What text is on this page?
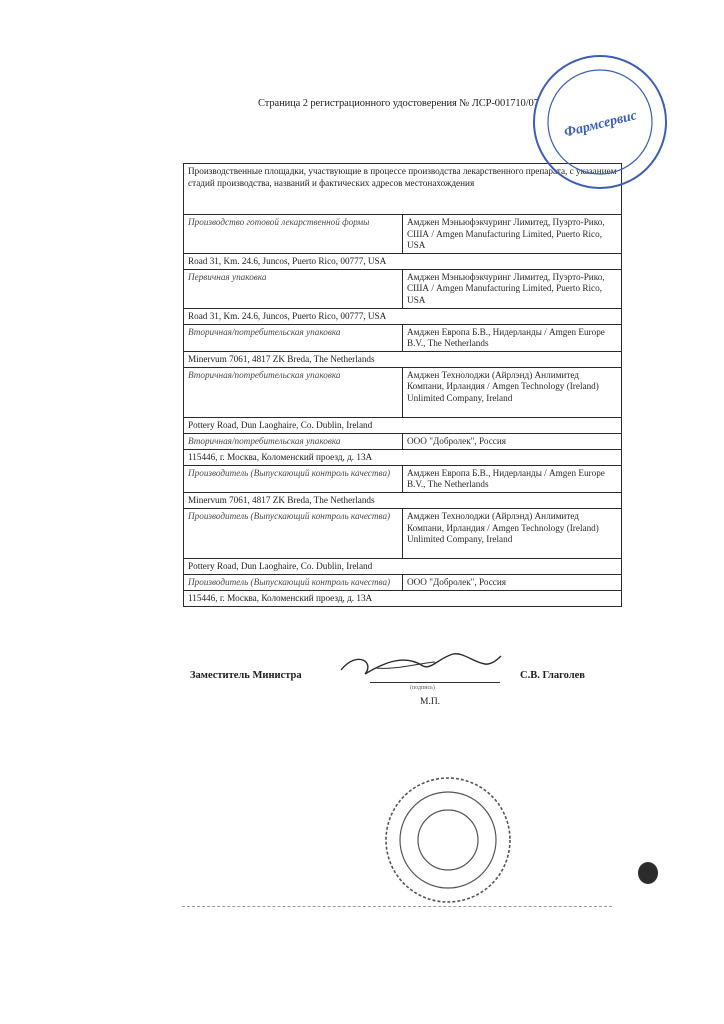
Страница 2 регистрационного удостоверения № ЛСР-001710/07
Производственные площадки, участвующие в процессе производства лекарственного препарата, с указанием стадий производства, названий и фактических адресов местонахождения	
Производство готовой лекарственной формы	Амджен Мэньюфэкчуринг Лимитед, Пуэрто-Рико, США / Amgen Manufacturing Limited, Puerto Rico, USA
Road 31, Km. 24.6, Juncos, Puerto Rico, 00777, USA	
Первичная упаковка	Амджен Мэньюфэкчуринг Лимитед, Пуэрто-Рико, США / Amgen Manufacturing Limited, Puerto Rico, USA
Road 31, Km. 24.6, Juncos, Puerto Rico, 00777, USA	
Вторичная/потребительская упаковка	Амджен Европа Б.В., Нидерланды / Amgen Europe B.V., The Netherlands
Minervum 7061, 4817 ZK Breda, The Netherlands	
Вторичная/потребительская упаковка	Амджен Технолоджи (Айрлэнд) Анлимитед Компани, Ирландия / Amgen Technology (Ireland) Unlimited Company, Ireland
Pottery Road, Dun Laoghaire, Co. Dublin, Ireland	
Вторичная/потребительская упаковка	ООО "Добролек", Россия
115446, г. Москва, Коломенский проезд, д. 13А	
Производитель (Выпускающий контроль качества)	Амджен Европа Б.В., Нидерланды / Amgen Europe B.V., The Netherlands
Minervum 7061, 4817 ZK Breda, The Netherlands	
Производитель (Выпускающий контроль качества)	Амджен Технолоджи (Айрлэнд) Анлимитед Компани, Ирландия / Amgen Technology (Ireland) Unlimited Company, Ireland
Pottery Road, Dun Laoghaire, Co. Dublin, Ireland	
Производитель (Выпускающий контроль качества)	ООО "Добролек", Россия
115446, г. Москва, Коломенский проезд, д. 13А	
Заместитель Министра
(подпись)
С.В. Глаголев
М.П.
Фармсервис
